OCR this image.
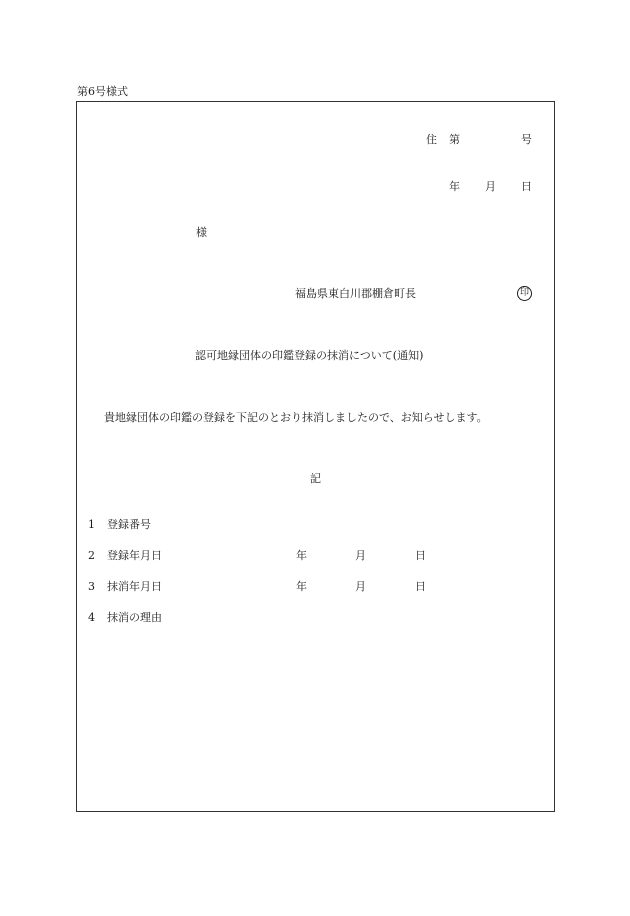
第6号様式
住 第	号
年 月 日
様
福島県東白川郡棚倉町長	印
認可地縁団体の印鑑登録の抹消について(通知)
貴地縁団体の印鑑の登録を下記のとおり抹消しましたので、お知らせします。
記
1 登録番号
2 登録年月日	年	月	日
3 抹消年月日	年	月	日
4 抹消の理由
